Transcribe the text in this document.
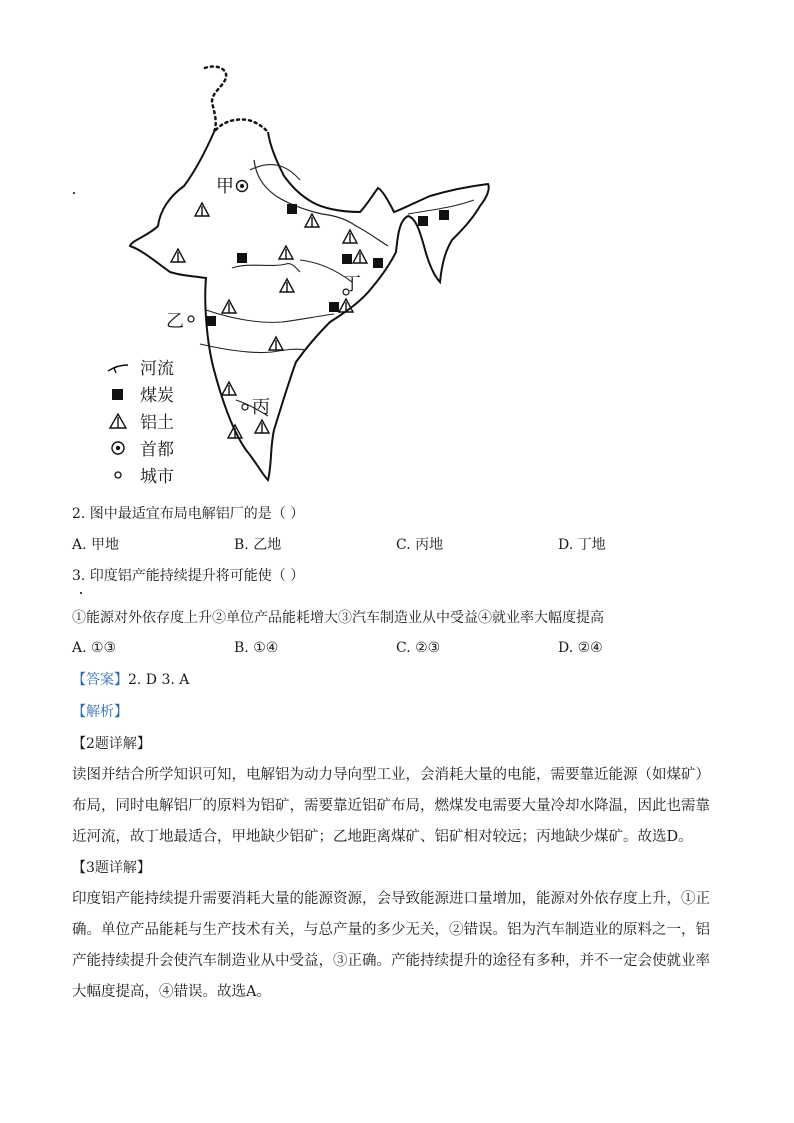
甲
乙
丙
丁
河流
煤炭
铝土
首都
城市
2. 图中最适宜布局电解铝厂的是（ ）
A. 甲地	B. 乙地	C. 丙地	D. 丁地
3. 印度铝产能持续提升将可能使（ ）
①能源对外依存度上升②单位产品能耗增大③汽车制造业从中受益④就业率大幅度提高
A. ①③	B. ①④	C. ②③	D. ②④
【答案】2. D 3. A
【解析】
【2题详解】
读图并结合所学知识可知，电解铝为动力导向型工业，会消耗大量的电能，需要靠近能源（如煤矿）布局，同时电解铝厂的原料为铝矿，需要靠近铝矿布局，燃煤发电需要大量冷却水降温，因此也需靠近河流，故丁地最适合，甲地缺少铝矿；乙地距离煤矿、铝矿相对较远；丙地缺少煤矿。故选D。
【3题详解】
印度铝产能持续提升需要消耗大量的能源资源，会导致能源进口量增加，能源对外依存度上升，①正确。单位产品能耗与生产技术有关，与总产量的多少无关，②错误。铝为汽车制造业的原料之一，铝产能持续提升会使汽车制造业从中受益，③正确。产能持续提升的途径有多种，并不一定会使就业率大幅度提高，④错误。故选A。
